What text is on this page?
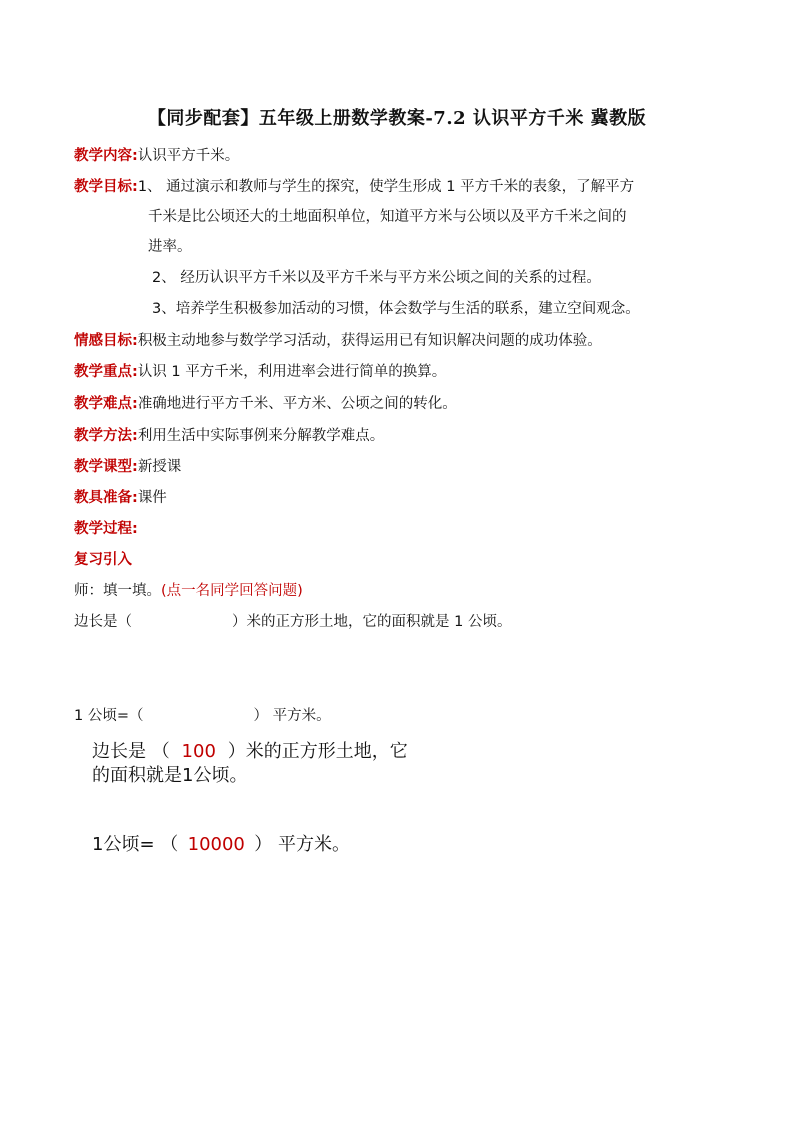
【同步配套】五年级上册数学教案-7.2 认识平方千米 冀教版
教学内容:认识平方千米。
教学目标:1、 通过演示和教师与学生的探究，使学生形成 1 平方千米的表象，了解平方
千米是比公顷还大的土地面积单位，知道平方米与公顷以及平方千米之间的
进率。
2、 经历认识平方千米以及平方千米与平方米公顷之间的关系的过程。
3、培养学生积极参加活动的习惯，体会数学与生活的联系，建立空间观念。
情感目标:积极主动地参与数学学习活动，获得运用已有知识解决问题的成功体验。
教学重点:认识 1 平方千米，利用进率会进行简单的换算。
教学难点:准确地进行平方千米、平方米、公顷之间的转化。
教学方法:利用生活中实际事例来分解教学难点。
教学课型:新授课
教具准备:课件
教学过程:
复习引入
师：填一填。(点一名同学回答问题)
边长是（	）米的正方形土地，它的面积就是 1 公顷。
1 公顷=（	） 平方米。
边长是 （ 100 ）米的正方形土地，它
的面积就是1公顷。
1公顷= （ 10000 ） 平方米。
